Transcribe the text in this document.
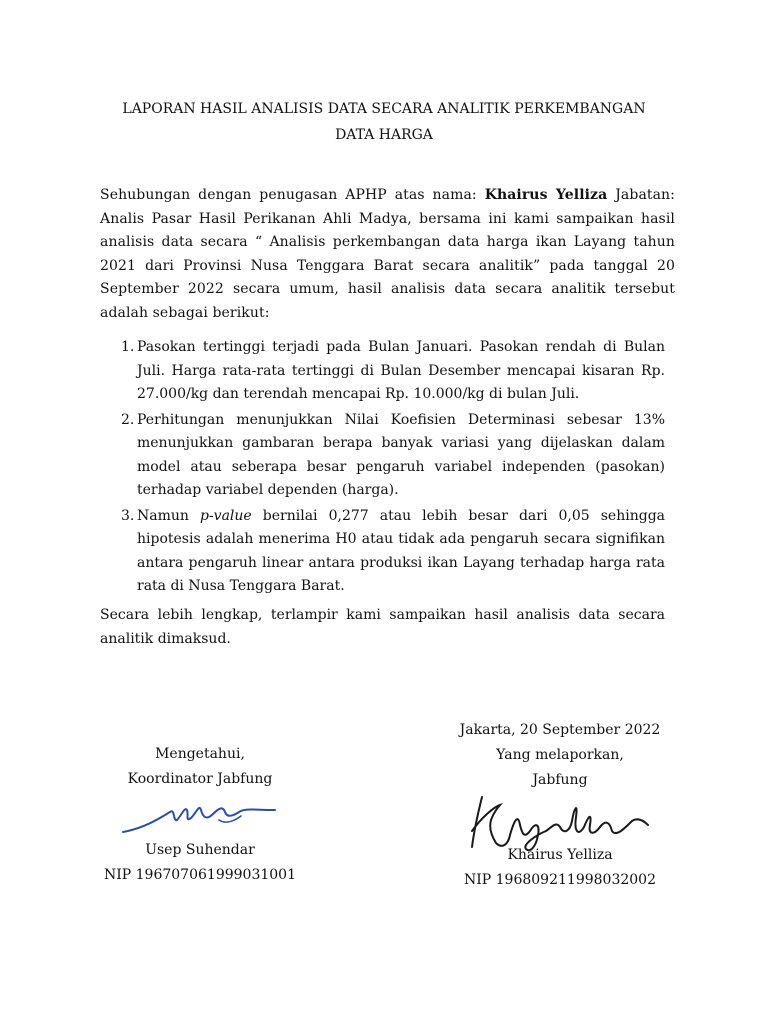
LAPORAN HASIL ANALISIS DATA SECARA ANALITIK PERKEMBANGAN
DATA HARGA
Sehubungan dengan penugasan APHP atas nama: Khairus Yelliza Jabatan: Analis Pasar Hasil Perikanan Ahli Madya, bersama ini kami sampaikan hasil analisis data secara “ Analisis perkembangan data harga ikan Layang tahun 2021 dari Provinsi Nusa Tenggara Barat secara analitik” pada tanggal 20 September 2022 secara umum, hasil analisis data secara analitik tersebut adalah sebagai berikut:
1. Pasokan tertinggi terjadi pada Bulan Januari. Pasokan rendah di Bulan Juli. Harga rata-rata tertinggi di Bulan Desember mencapai kisaran Rp. 27.000/kg dan terendah mencapai Rp. 10.000/kg di bulan Juli.
2. Perhitungan menunjukkan Nilai Koefisien Determinasi sebesar 13% menunjukkan gambaran berapa banyak variasi yang dijelaskan dalam model atau seberapa besar pengaruh variabel independen (pasokan) terhadap variabel dependen (harga).
3. Namun p-value bernilai 0,277 atau lebih besar dari 0,05 sehingga hipotesis adalah menerima H0 atau tidak ada pengaruh secara signifikan antara pengaruh linear antara produksi ikan Layang terhadap harga rata rata di Nusa Tenggara Barat.
Secara lebih lengkap, terlampir kami sampaikan hasil analisis data secara analitik dimaksud.
Mengetahui,
Koordinator Jabfung
Usep Suhendar
NIP 196707061999031001
Jakarta, 20 September 2022
Yang melaporkan,
Jabfung
Khairus Yelliza
NIP 196809211998032002
